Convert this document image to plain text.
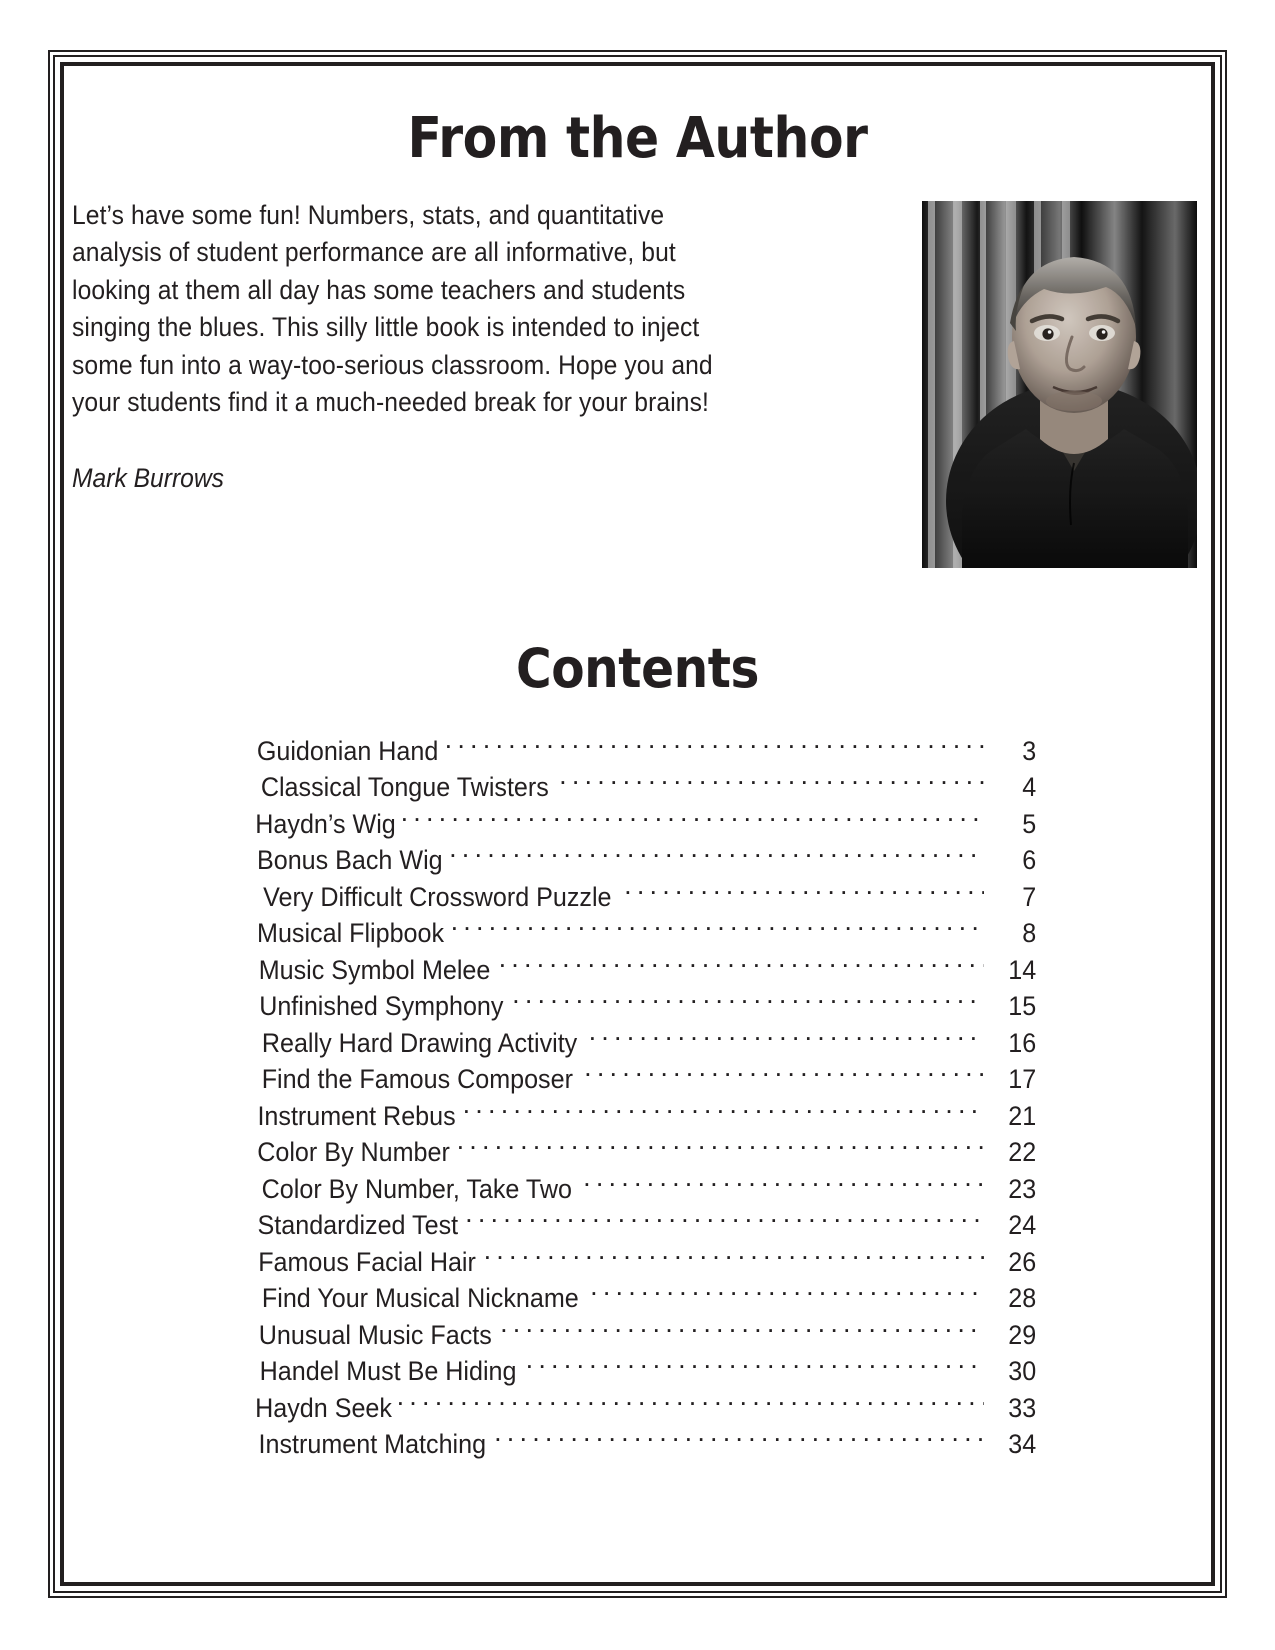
From the Author

Let’s have some fun! Numbers, stats, and quantitative analysis of student performance are all informative, but looking at them all day has some teachers and students singing the blues. This silly little book is intended to inject some fun into a way-too-serious classroom. Hope you and your students find it a much-needed break for your brains!

Mark Burrows

Contents
Guidonian Hand .....	3
Classical Tongue Twisters .....	4
Haydn’s Wig .....	5
Bonus Bach Wig .....	6
Very Difficult Crossword Puzzle .....	7
Musical Flipbook .....	8
Music Symbol Melee .....	14
Unfinished Symphony .....	15
Really Hard Drawing Activity .....	16
Find the Famous Composer .....	17
Instrument Rebus .....	21
Color By Number .....	22
Color By Number, Take Two .....	23
Standardized Test .....	24
Famous Facial Hair .....	26
Find Your Musical Nickname .....	28
Unusual Music Facts .....	29
Handel Must Be Hiding .....	30
Haydn Seek .....	33
Instrument Matching .....	34
